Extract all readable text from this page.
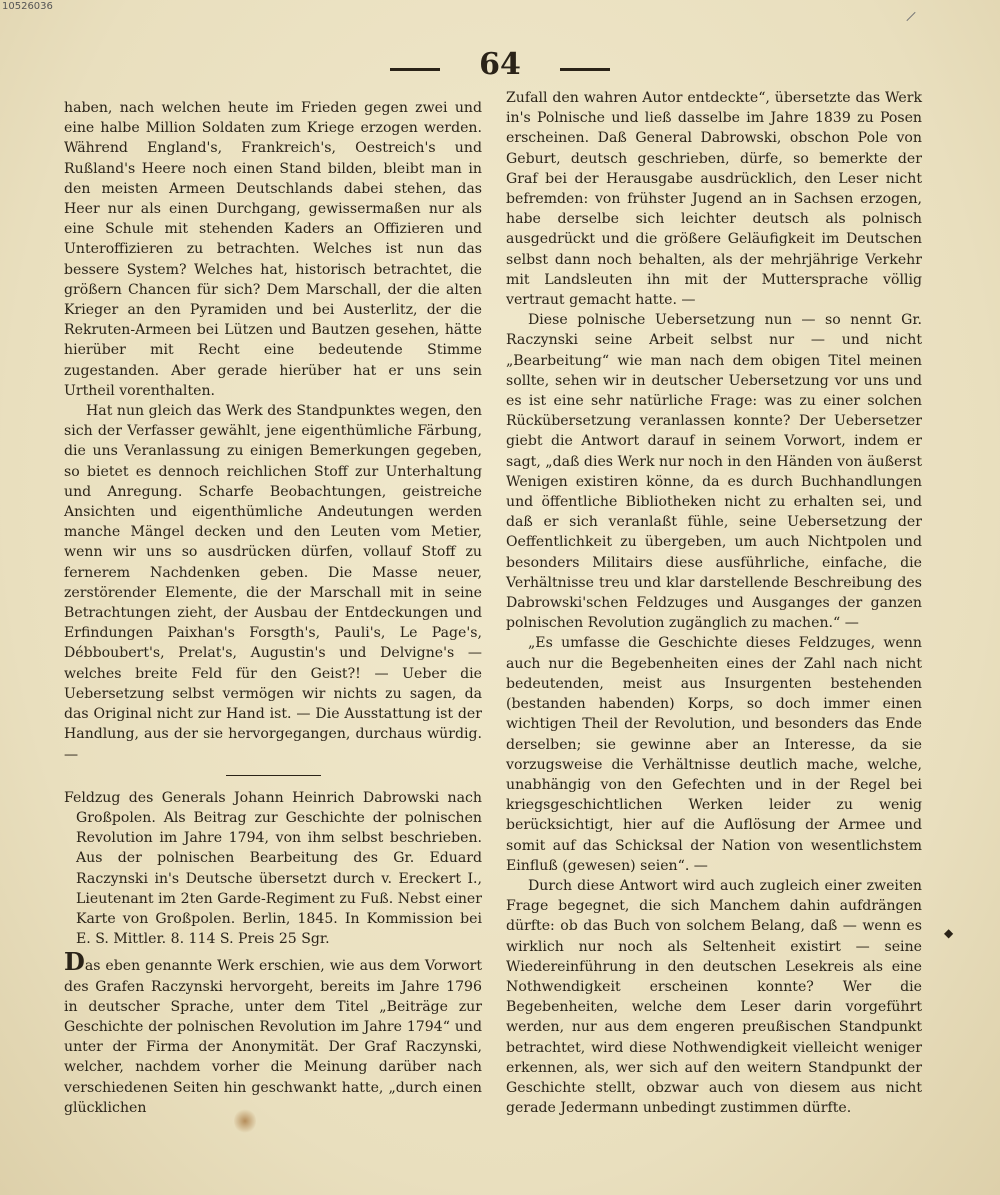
10526036
64

haben, nach welchen heute im Frieden gegen zwei und eine halbe Million Soldaten zum Kriege erzogen werden. Während England's, Frankreich's, Oestreich's und Rußland's Heere noch einen Stand bilden, bleibt man in den meisten Armeen Deutschlands dabei stehen, das Heer nur als einen Durchgang, gewissermaßen nur als eine Schule mit stehenden Kaders an Offizieren und Unteroffizieren zu betrachten. Welches ist nun das bessere System? Welches hat, historisch betrachtet, die größern Chancen für sich? Dem Marschall, der die alten Krieger an den Pyramiden und bei Austerlitz, der die Rekruten-Armeen bei Lützen und Bautzen gesehen, hätte hierüber mit Recht eine bedeutende Stimme zugestanden. Aber gerade hierüber hat er uns sein Urtheil vorenthalten.

Hat nun gleich das Werk des Standpunktes wegen, den sich der Verfasser gewählt, jene eigenthümliche Färbung, die uns Veranlassung zu einigen Bemerkungen gegeben, so bietet es dennoch reichlichen Stoff zur Unterhaltung und Anregung. Scharfe Beobachtungen, geistreiche Ansichten und eigenthümliche Andeutungen werden manche Mängel decken und den Leuten vom Metier, wenn wir uns so ausdrücken dürfen, vollauf Stoff zu fernerem Nachdenken geben. Die Masse neuer, zerstörender Elemente, die der Marschall mit in seine Betrachtungen zieht, der Ausbau der Entdeckungen und Erfindungen Paixhan's Forsgth's, Pauli's, Le Page's, Débboubert's, Prelat's, Augustin's und Delvigne's — welches breite Feld für den Geist?! — Ueber die Uebersetzung selbst vermögen wir nichts zu sagen, da das Original nicht zur Hand ist. — Die Ausstattung ist der Handlung, aus der sie hervorgegangen, durchaus würdig. —

Feldzug des Generals Johann Heinrich Dabrowski nach Großpolen. Als Beitrag zur Geschichte der polnischen Revolution im Jahre 1794, von ihm selbst beschrieben. Aus der polnischen Bearbeitung des Gr. Eduard Raczynski in's Deutsche übersetzt durch v. Ereckert I., Lieutenant im 2ten Garde-Regiment zu Fuß. Nebst einer Karte von Großpolen. Berlin, 1845. In Kommission bei E. S. Mittler. 8. 114 S. Preis 25 Sgr.

Das eben genannte Werk erschien, wie aus dem Vorwort des Grafen Raczynski hervorgeht, bereits im Jahre 1796 in deutscher Sprache, unter dem Titel „Beiträge zur Geschichte der polnischen Revolution im Jahre 1794“ und unter der Firma der Anonymität. Der Graf Raczynski, welcher, nachdem vorher die Meinung darüber nach verschiedenen Seiten hin geschwankt hatte, „durch einen glücklichen

Zufall den wahren Autor entdeckte“, übersetzte das Werk in's Polnische und ließ dasselbe im Jahre 1839 zu Posen erscheinen. Daß General Dabrowski, obschon Pole von Geburt, deutsch geschrieben, dürfe, so bemerkte der Graf bei der Herausgabe ausdrücklich, den Leser nicht befremden: von frühster Jugend an in Sachsen erzogen, habe derselbe sich leichter deutsch als polnisch ausgedrückt und die größere Geläufigkeit im Deutschen selbst dann noch behalten, als der mehrjährige Verkehr mit Landsleuten ihn mit der Muttersprache völlig vertraut gemacht hatte. —

Diese polnische Uebersetzung nun — so nennt Gr. Raczynski seine Arbeit selbst nur — und nicht „Bearbeitung“ wie man nach dem obigen Titel meinen sollte, sehen wir in deutscher Uebersetzung vor uns und es ist eine sehr natürliche Frage: was zu einer solchen Rückübersetzung veranlassen konnte? Der Uebersetzer giebt die Antwort darauf in seinem Vorwort, indem er sagt, „daß dies Werk nur noch in den Händen von äußerst Wenigen existiren könne, da es durch Buchhandlungen und öffentliche Bibliotheken nicht zu erhalten sei, und daß er sich veranlaßt fühle, seine Uebersetzung der Oeffentlichkeit zu übergeben, um auch Nichtpolen und besonders Militairs diese ausführliche, einfache, die Verhältnisse treu und klar darstellende Beschreibung des Dabrowski'schen Feldzuges und Ausganges der ganzen polnischen Revolution zugänglich zu machen.“ —

„Es umfasse die Geschichte dieses Feldzuges, wenn auch nur die Begebenheiten eines der Zahl nach nicht bedeutenden, meist aus Insurgenten bestehenden (bestanden habenden) Korps, so doch immer einen wichtigen Theil der Revolution, und besonders das Ende derselben; sie gewinne aber an Interesse, da sie vorzugsweise die Verhältnisse deutlich mache, welche, unabhängig von den Gefechten und in der Regel bei kriegsgeschichtlichen Werken leider zu wenig berücksichtigt, hier auf die Auflösung der Armee und somit auf das Schicksal der Nation von wesentlichstem Einfluß (gewesen) seien“. —

Durch diese Antwort wird auch zugleich einer zweiten Frage begegnet, die sich Manchem dahin aufdrängen dürfte: ob das Buch von solchem Belang, daß — wenn es wirklich nur noch als Seltenheit existirt — seine Wiedereinführung in den deutschen Lesekreis als eine Nothwendigkeit erscheinen konnte? Wer die Begebenheiten, welche dem Leser darin vorgeführt werden, nur aus dem engeren preußischen Standpunkt betrachtet, wird diese Nothwendigkeit vielleicht weniger erkennen, als, wer sich auf den weitern Standpunkt der Geschichte stellt, obzwar auch von diesem aus nicht gerade Jedermann unbedingt zustimmen dürfte.

◆
